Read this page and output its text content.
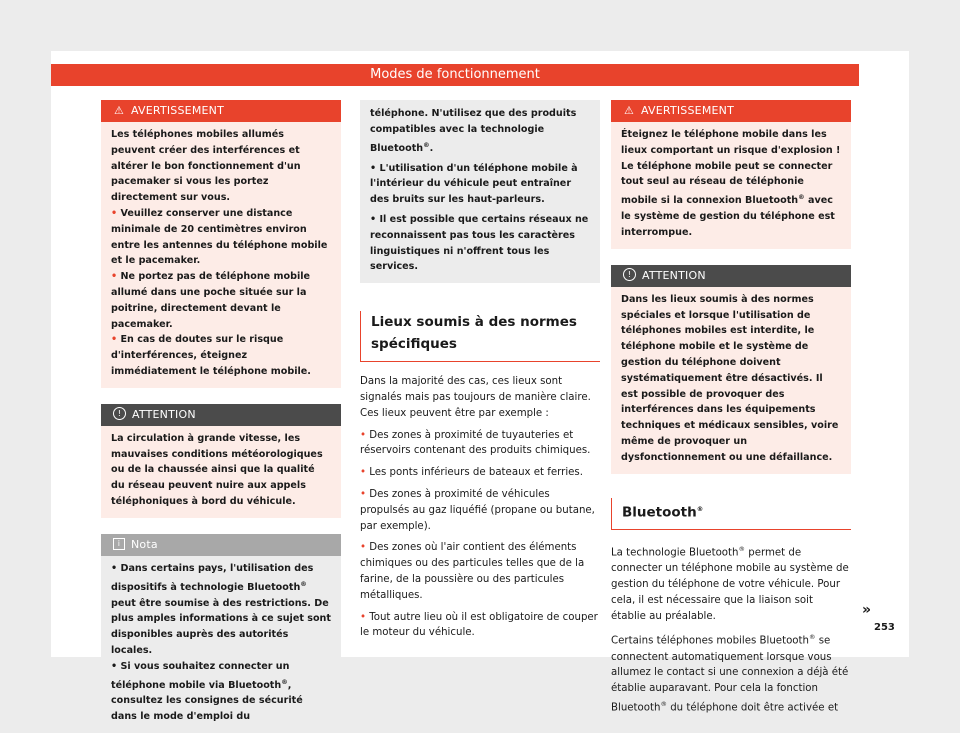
Modes de fonctionnement
⚠ AVERTISSEMENT

Les téléphones mobiles allumés peuvent créer des interférences et altérer le bon fonctionnement d'un pacemaker si vous les portez directement sur vous.

• Veuillez conserver une distance minimale de 20 centimètres environ entre les antennes du téléphone mobile et le pacemaker.

• Ne portez pas de téléphone mobile allumé dans une poche située sur la poitrine, directement devant le pacemaker.

• En cas de doutes sur le risque d'interférences, éteignez immédiatement le téléphone mobile.

! ATTENTION

La circulation à grande vitesse, les mauvaises conditions météorologiques ou de la chaussée ainsi que la qualité du réseau peuvent nuire aux appels téléphoniques à bord du véhicule.

i Nota

• Dans certains pays, l'utilisation des dispositifs à technologie Bluetooth® peut être soumise à des restrictions. De plus amples informations à ce sujet sont disponibles auprès des autorités locales.

• Si vous souhaitez connecter un téléphone mobile via Bluetooth®, consultez les consignes de sécurité dans le mode d'emploi du

téléphone. N'utilisez que des produits compatibles avec la technologie Bluetooth®.

• L'utilisation d'un téléphone mobile à l'intérieur du véhicule peut entraîner des bruits sur les haut-parleurs.

• Il est possible que certains réseaux ne reconnaissent pas tous les caractères linguistiques ni n'offrent tous les services.

Lieux soumis à des normes spécifiques

Dans la majorité des cas, ces lieux sont signalés mais pas toujours de manière claire. Ces lieux peuvent être par exemple :

• Des zones à proximité de tuyauteries et réservoirs contenant des produits chimiques.

• Les ponts inférieurs de bateaux et ferries.

• Des zones à proximité de véhicules propulsés au gaz liquéfié (propane ou butane, par exemple).

• Des zones où l'air contient des éléments chimiques ou des particules telles que de la farine, de la poussière ou des particules métalliques.

• Tout autre lieu où il est obligatoire de couper le moteur du véhicule.

⚠ AVERTISSEMENT

Éteignez le téléphone mobile dans les lieux comportant un risque d'explosion ! Le téléphone mobile peut se connecter tout seul au réseau de téléphonie mobile si la connexion Bluetooth® avec le système de gestion du téléphone est interrompue.

! ATTENTION

Dans les lieux soumis à des normes spéciales et lorsque l'utilisation de téléphones mobiles est interdite, le téléphone mobile et le système de gestion du téléphone doivent systématiquement être désactivés. Il est possible de provoquer des interférences dans les équipements techniques et médicaux sensibles, voire même de provoquer un dysfonctionnement ou une défaillance.

Bluetooth®

La technologie Bluetooth® permet de connecter un téléphone mobile au système de gestion du téléphone de votre véhicule. Pour cela, il est nécessaire que la liaison soit établie au préalable.

Certains téléphones mobiles Bluetooth® se connectent automatiquement lorsque vous allumez le contact si une connexion a déjà été établie auparavant. Pour cela la fonction Bluetooth® du téléphone doit être activée et

»
253
